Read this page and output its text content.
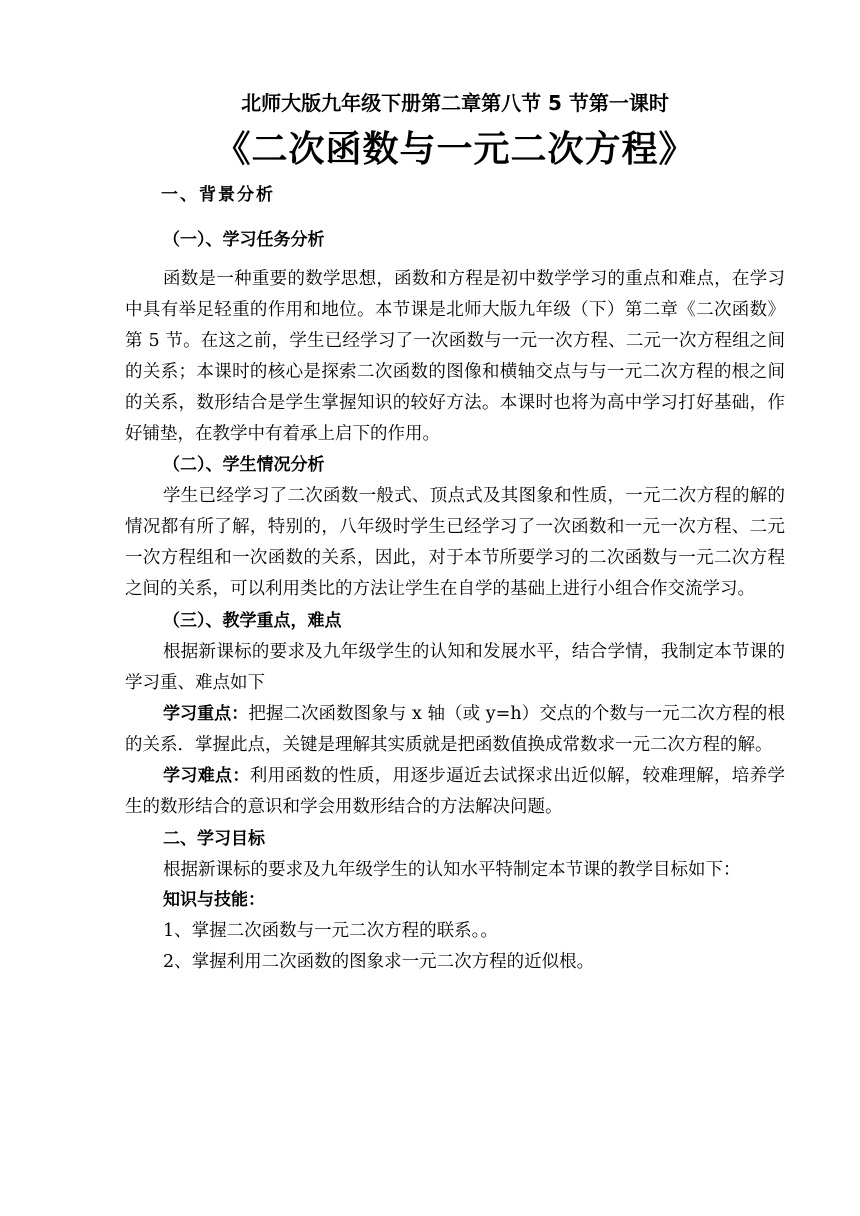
北师大版九年级下册第二章第八节 5 节第一课时

《二次函数与一元二次方程》

一、背景分析

（一）、学习任务分析

函数是一种重要的数学思想，函数和方程是初中数学学习的重点和难点，在学习中具有举足轻重的作用和地位。本节课是北师大版九年级（下）第二章《二次函数》第 5 节。在这之前，学生已经学习了一次函数与一元一次方程、二元一次方程组之间的关系；本课时的核心是探索二次函数的图像和横轴交点与与一元二次方程的根之间的关系，数形结合是学生掌握知识的较好方法。本课时也将为高中学习打好基础，作好铺垫，在教学中有着承上启下的作用。

（二）、学生情况分析

学生已经学习了二次函数一般式、顶点式及其图象和性质，一元二次方程的解的情况都有所了解，特别的，八年级时学生已经学习了一次函数和一元一次方程、二元一次方程组和一次函数的关系，因此，对于本节所要学习的二次函数与一元二次方程之间的关系，可以利用类比的方法让学生在自学的基础上进行小组合作交流学习。

（三）、教学重点，难点

根据新课标的要求及九年级学生的认知和发展水平，结合学情，我制定本节课的学习重、难点如下

学习重点：把握二次函数图象与 x 轴（或 y=h）交点的个数与一元二次方程的根的关系．掌握此点，关键是理解其实质就是把函数值换成常数求一元二次方程的解。

学习难点：利用函数的性质，用逐步逼近去试探求出近似解，较难理解，培养学生的数形结合的意识和学会用数形结合的方法解决问题。

二、学习目标

根据新课标的要求及九年级学生的认知水平特制定本节课的教学目标如下：

知识与技能：

1、掌握二次函数与一元二次方程的联系。。

2、掌握利用二次函数的图象求一元二次方程的近似根。
